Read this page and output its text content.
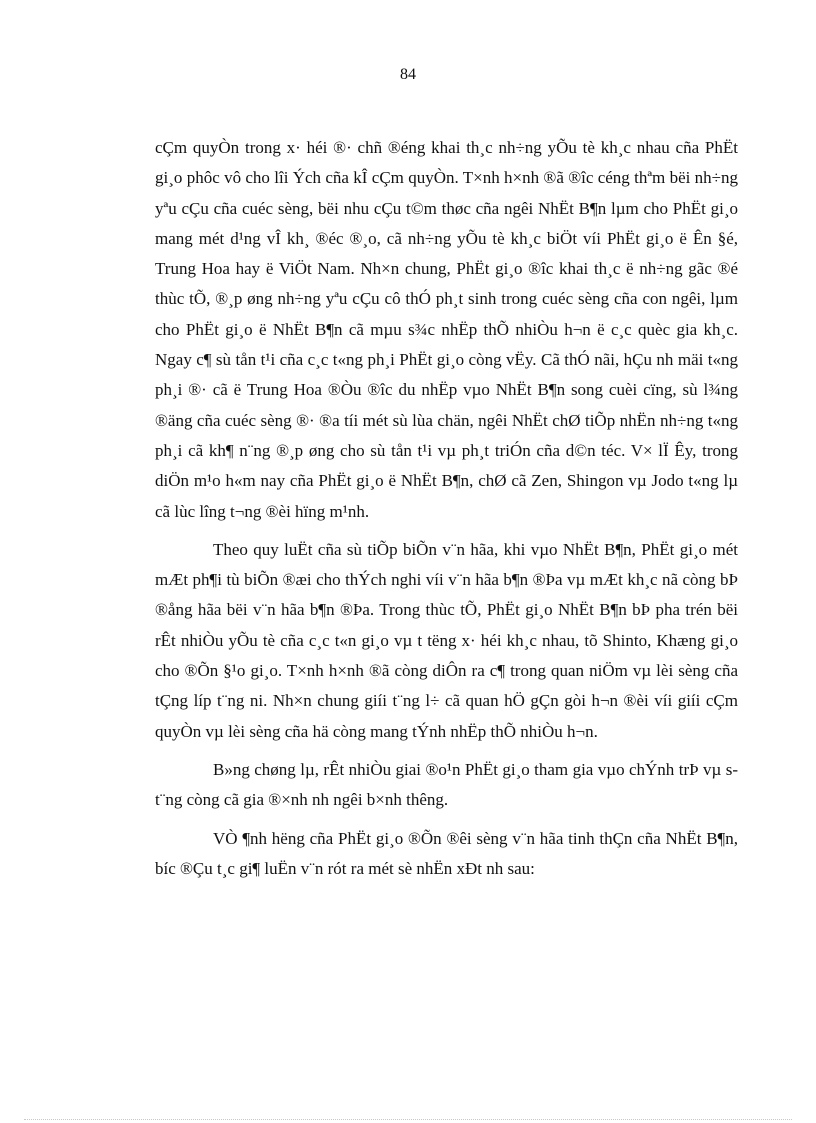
84

cÇm quyÒn trong x· héi ®· chñ ®éng khai th¸c nh÷ng yÕu tè kh¸c nhau cña PhËt gi¸o phôc vô cho lîi Ých cña kÎ cÇm quyÒn. T×nh h×nh ®ã ®îc céng thªm bëi nh÷ng yªu cÇu cña cuéc sèng, bëi nhu cÇu t©m thøc cña ngêi NhËt B¶n lµm cho PhËt gi¸o mang mét d¹ng vÎ kh¸ ®éc ®¸o, cã nh÷ng yÕu tè kh¸c biÖt víi PhËt gi¸o ë Ên §é, Trung Hoa hay ë ViÖt Nam. Nh×n chung, PhËt gi¸o ®îc khai th¸c ë nh÷ng gãc ®é thùc tÕ, ®¸p øng nh÷ng yªu cÇu cô thÓ ph¸t sinh trong cuéc sèng cña con ngêi, lµm cho PhËt gi¸o ë NhËt B¶n cã mµu s¾c nhËp thÕ nhiÒu h¬n ë c¸c quèc gia kh¸c. Ngay c¶ sù tån t¹i cña c¸c t«ng ph¸i PhËt gi¸o còng vËy. Cã thÓ nãi, hÇu nh mäi t«ng ph¸i ®· cã ë Trung Hoa ®Òu ®îc du nhËp vµo NhËt B¶n song cuèi cïng, sù l¾ng ®äng cña cuéc sèng ®· ®a tíi mét sù lùa chän, ngêi NhËt chØ tiÕp nhËn nh÷ng t«ng ph¸i cã kh¶ n¨ng ®¸p øng cho sù tån t¹i vµ ph¸t triÓn cña d©n téc. V× lÏ Êy, trong diÖn m¹o h«m nay cña PhËt gi¸o ë NhËt B¶n, chØ cã Zen, Shingon vµ Jodo t«ng lµ cã lùc lîng t¬ng ®èi hïng m¹nh.

Theo quy luËt cña sù tiÕp biÕn v¨n hãa, khi vµo NhËt B¶n, PhËt gi¸o mét mÆt ph¶i tù biÕn ®æi cho thÝch nghi víi v¨n hãa b¶n ®Þa vµ mÆt kh¸c nã còng bÞ ®ång hãa bëi v¨n hãa b¶n ®Þa. Trong thùc tÕ, PhËt gi¸o NhËt B¶n bÞ pha trén bëi rÊt nhiÒu yÕu tè cña c¸c t«n gi¸o vµ t tëng x· héi kh¸c nhau, tõ Shinto, Khæng gi¸o cho ®Õn §¹o gi¸o. T×nh h×nh ®ã còng diÔn ra c¶ trong quan niÖm vµ lèi sèng cña tÇng líp t¨ng ni. Nh×n chung giíi t¨ng l÷ cã quan hÖ gÇn gòi h¬n ®èi víi giíi cÇm quyÒn vµ lèi sèng cña hä còng mang tÝnh nhËp thÕ nhiÒu h¬n.

B»ng chøng lµ, rÊt nhiÒu giai ®o¹n PhËt gi¸o tham gia vµo chÝnh trÞ vµ s t¨ng còng cã gia ®×nh nh ngêi b×nh thêng.

VÒ ¶nh hëng cña PhËt gi¸o ®Õn ®êi sèng v¨n hãa tinh thÇn cña NhËt B¶n, bíc ®Çu t¸c gi¶ luËn v¨n rót ra mét sè nhËn xÐt nh sau:
